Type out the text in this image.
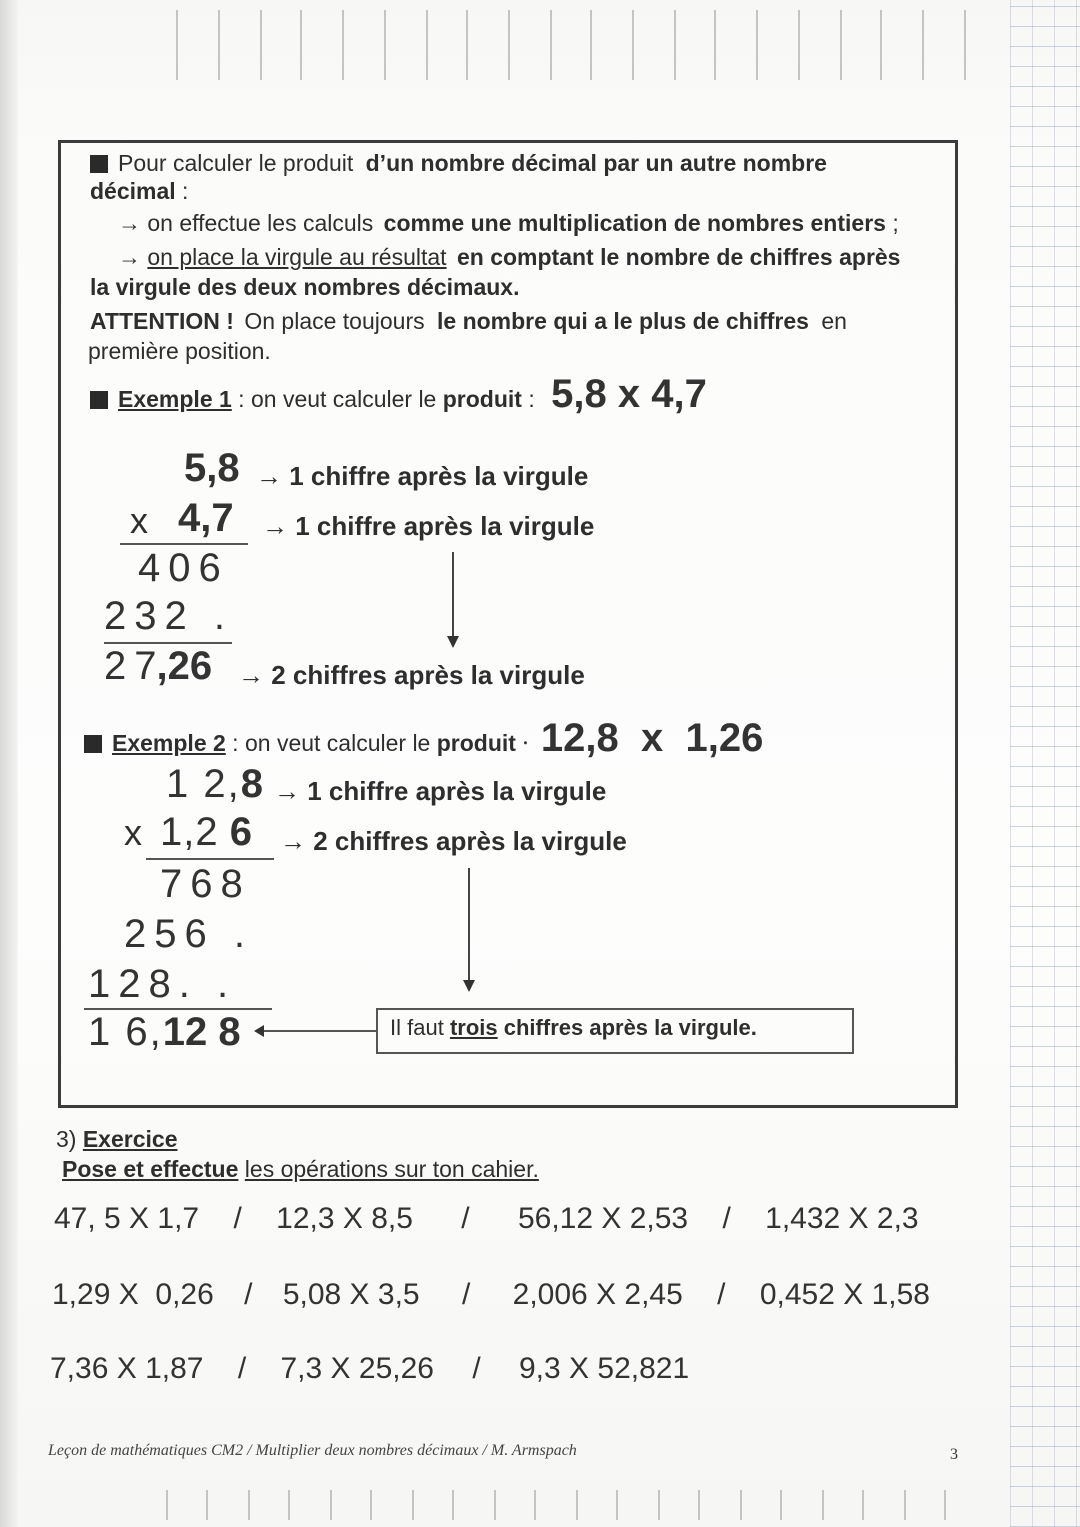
Pour calculer le produit d’un nombre décimal par un autre nombre
décimal :
→ on effectue les calculs comme une multiplication de nombres entiers ;
→ on place la virgule au résultat en comptant le nombre de chiffres après
la virgule des deux nombres décimaux.
ATTENTION ! On place toujours le nombre qui a le plus de chiffres en
première position.
Exemple 1 : on veut calculer le produit : 5,8 x 4,7
5,8 → 1 chiffre après la virgule
x 4,7 → 1 chiffre après la virgule
406
232 .
27,26 → 2 chiffres après la virgule
Exemple 2 : on veut calculer le produit ⸱ 12,8  x  1,26
1 2,8 → 1 chiffre après la virgule
x 1,2 6 → 2 chiffres après la virgule
768
256 .
128. .
1 6,12 8	Il faut trois chiffres après la virgule.
3) Exercice
Pose et effectue les opérations sur ton cahier.
47, 5 X 1,7 / 12,3 X 8,5 / 56,12 X 2,53 / 1,432 X 2,3
1,29 X  0,26 / 5,08 X 3,5 / 2,006 X 2,45 / 0,452 X 1,58
7,36 X 1,87 / 7,3 X 25,26 / 9,3 X 52,821
Leçon de mathématiques CM2 / Multiplier deux nombres décimaux / M. Armspach	3
